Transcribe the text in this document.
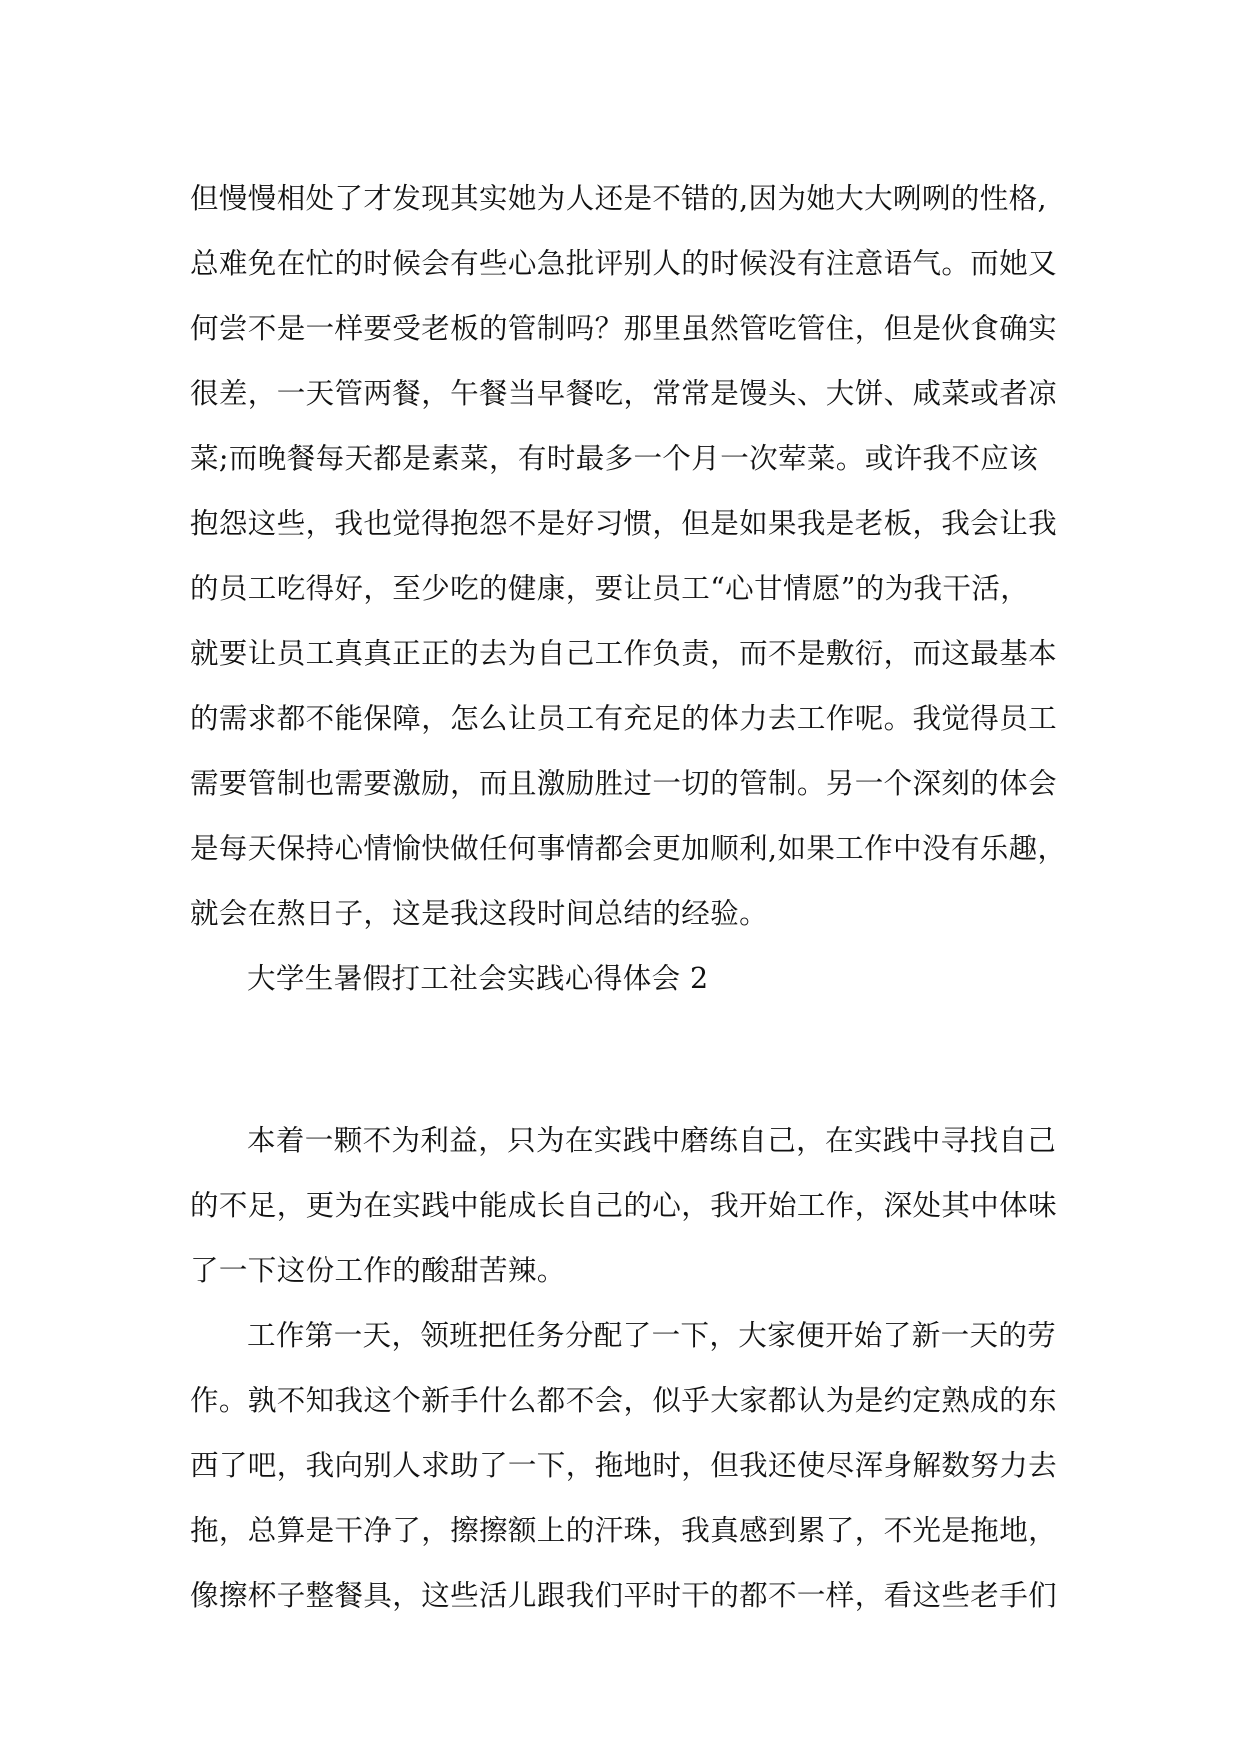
但慢慢相处了才发现其实她为人还是不错的,因为她大大咧咧的性格,
总难免在忙的时候会有些心急批评别人的时候没有注意语气。而她又
何尝不是一样要受老板的管制吗？那里虽然管吃管住，但是伙食确实
很差，一天管两餐，午餐当早餐吃，常常是馒头、大饼、咸菜或者凉
菜;而晚餐每天都是素菜，有时最多一个月一次荤菜。或许我不应该
抱怨这些，我也觉得抱怨不是好习惯，但是如果我是老板，我会让我
的员工吃得好，至少吃的健康，要让员工“心甘情愿”的为我干活，
就要让员工真真正正的去为自己工作负责，而不是敷衍，而这最基本
的需求都不能保障，怎么让员工有充足的体力去工作呢。我觉得员工
需要管制也需要激励，而且激励胜过一切的管制。另一个深刻的体会
是每天保持心情愉快做任何事情都会更加顺利,如果工作中没有乐趣，
就会在熬日子，这是我这段时间总结的经验。
大学生暑假打工社会实践心得体会 2
本着一颗不为利益，只为在实践中磨练自己，在实践中寻找自己
的不足，更为在实践中能成长自己的心，我开始工作，深处其中体味
了一下这份工作的酸甜苦辣。
工作第一天，领班把任务分配了一下，大家便开始了新一天的劳
作。孰不知我这个新手什么都不会，似乎大家都认为是约定熟成的东
西了吧，我向别人求助了一下，拖地时，但我还使尽浑身解数努力去
拖，总算是干净了，擦擦额上的汗珠，我真感到累了，不光是拖地，
像擦杯子整餐具，这些活儿跟我们平时干的都不一样，看这些老手们
